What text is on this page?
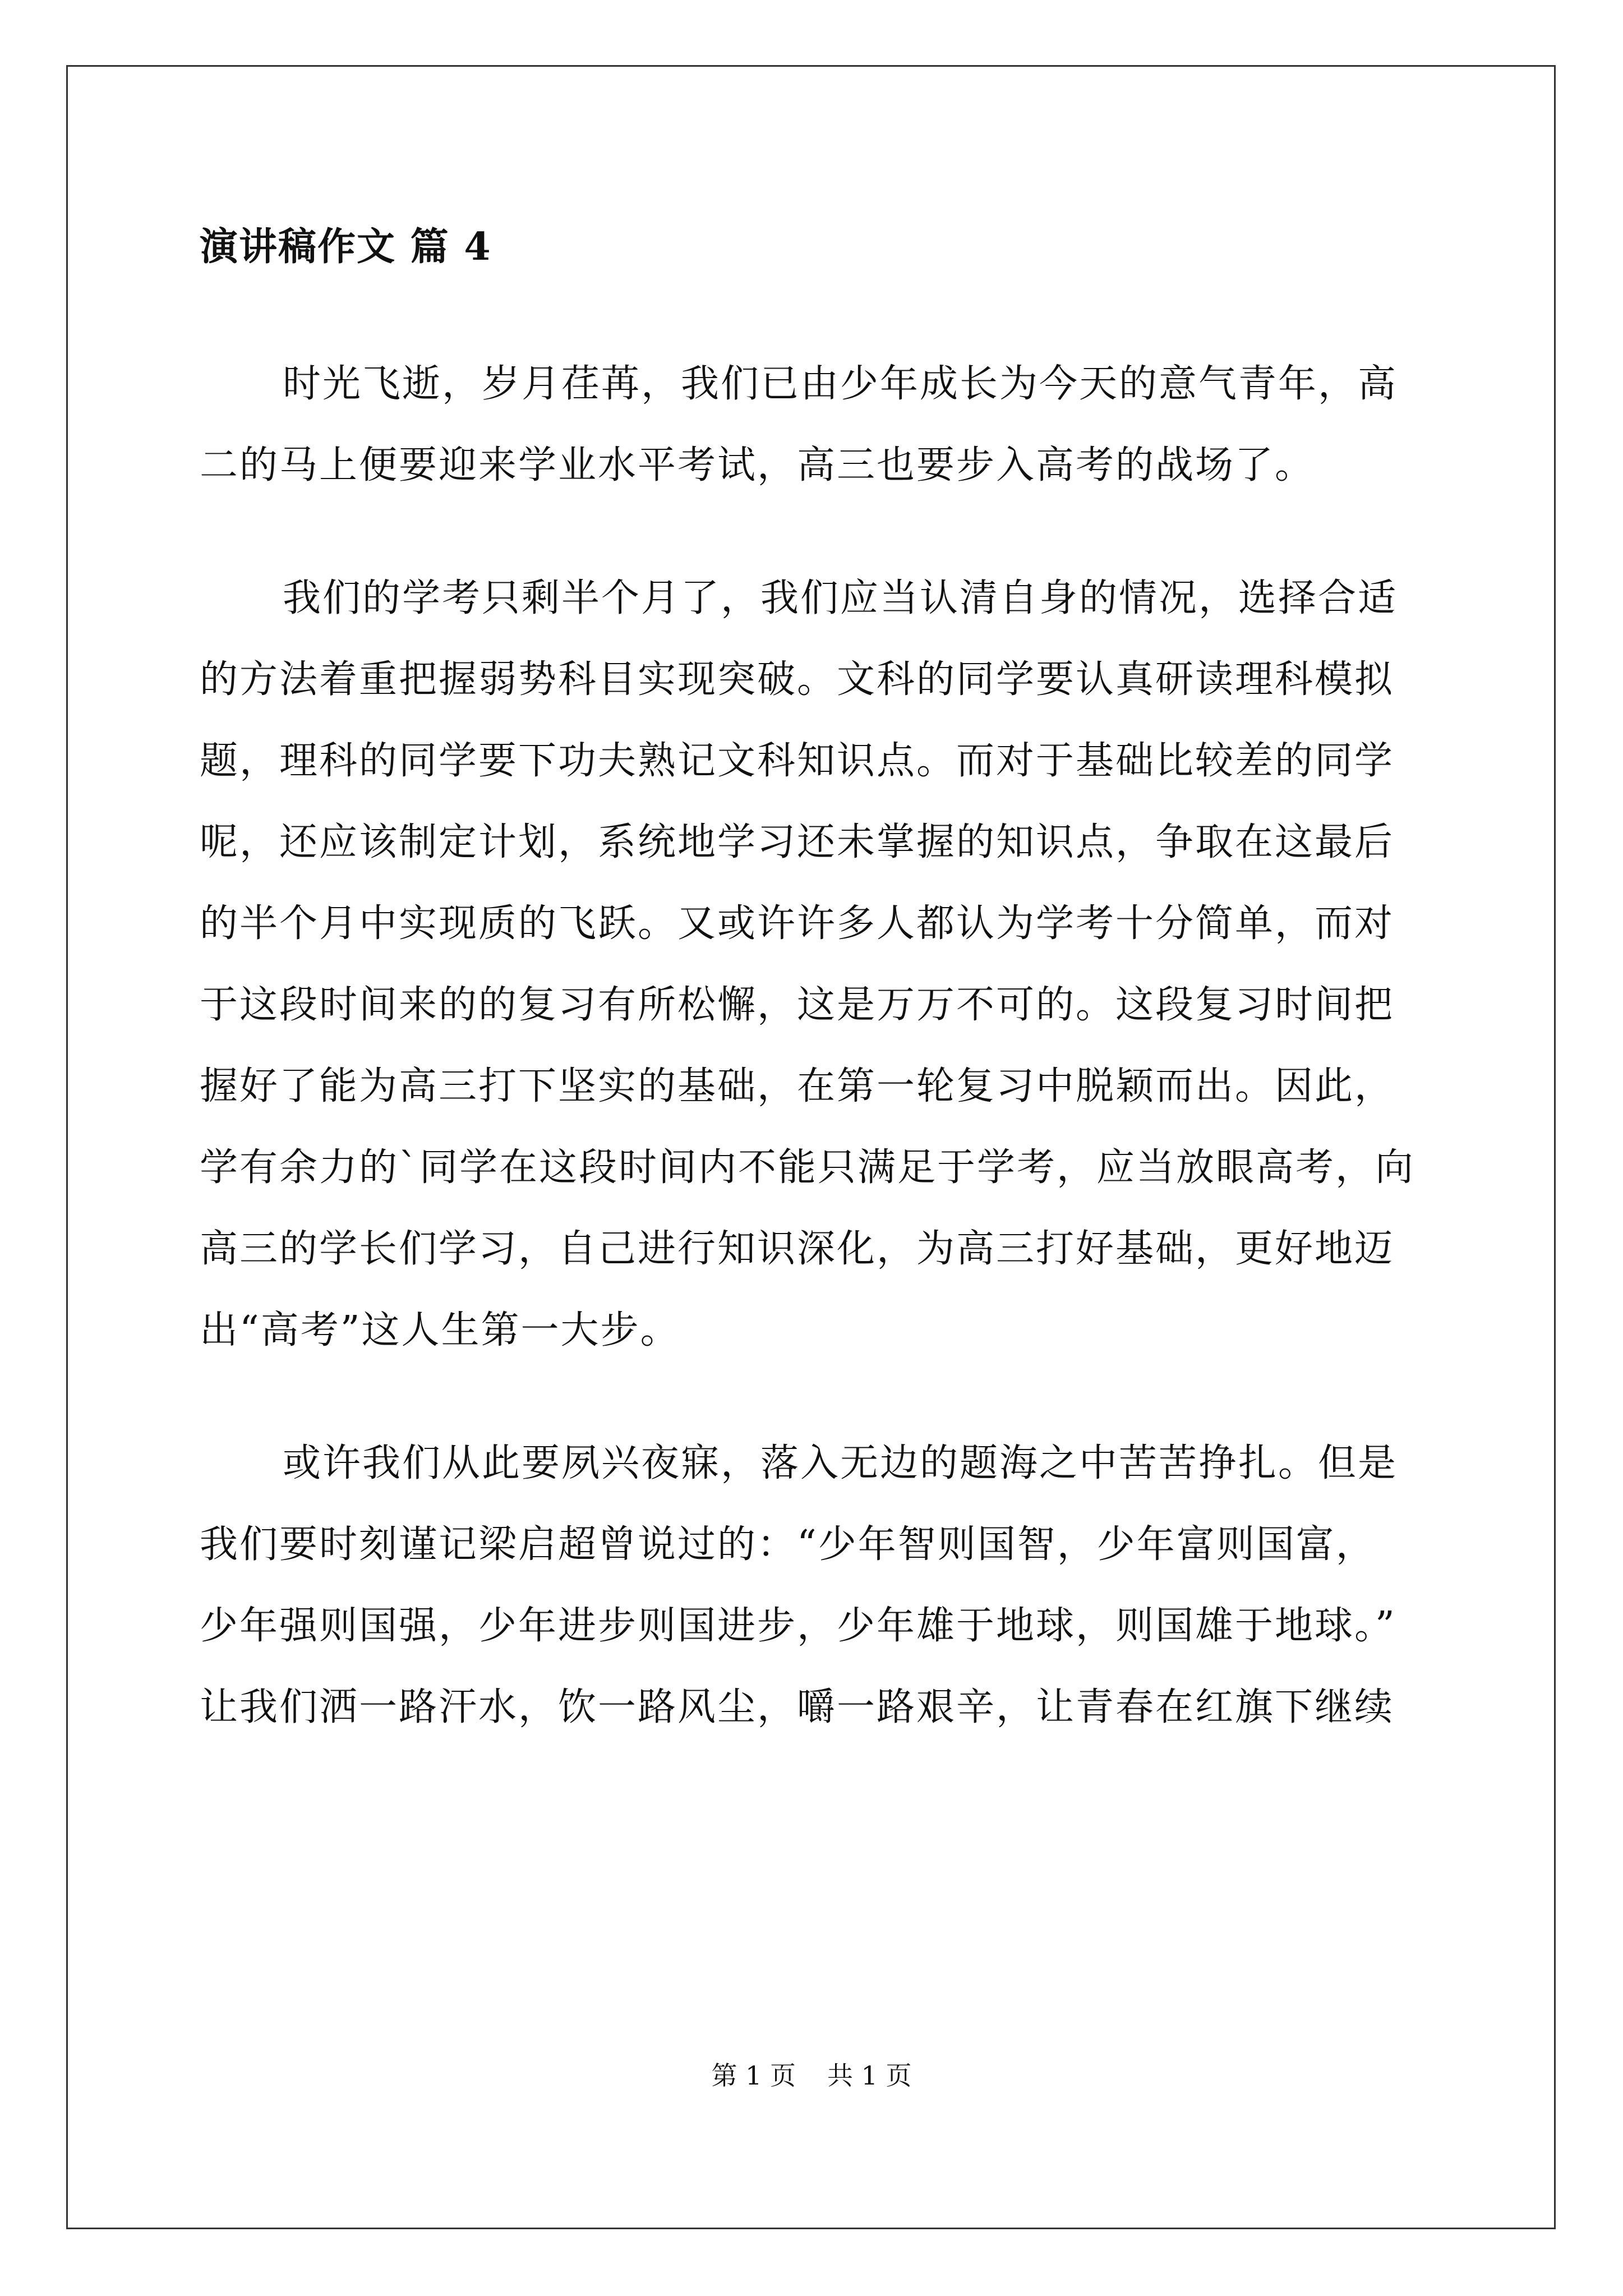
演讲稿作文 篇 4

时光飞逝，岁月荏苒，我们已由少年成长为今天的意气青年，高
二的马上便要迎来学业水平考试，高三也要步入高考的战场了。

我们的学考只剩半个月了，我们应当认清自身的情况，选择合适
的方法着重把握弱势科目实现突破。文科的同学要认真研读理科模拟
题，理科的同学要下功夫熟记文科知识点。而对于基础比较差的同学
呢，还应该制定计划，系统地学习还未掌握的知识点，争取在这最后
的半个月中实现质的飞跃。又或许许多人都认为学考十分简单，而对
于这段时间来的的复习有所松懈，这是万万不可的。这段复习时间把
握好了能为高三打下坚实的基础，在第一轮复习中脱颖而出。因此，
学有余力的`同学在这段时间内不能只满足于学考，应当放眼高考，向
高三的学长们学习，自己进行知识深化，为高三打好基础，更好地迈
出“高考”这人生第一大步。

或许我们从此要夙兴夜寐，落入无边的题海之中苦苦挣扎。但是
我们要时刻谨记梁启超曾说过的：“少年智则国智，少年富则国富，
少年强则国强，少年进步则国进步，少年雄于地球，则国雄于地球。”
让我们洒一路汗水，饮一路风尘，嚼一路艰辛，让青春在红旗下继续

第 1 页 共 1 页
